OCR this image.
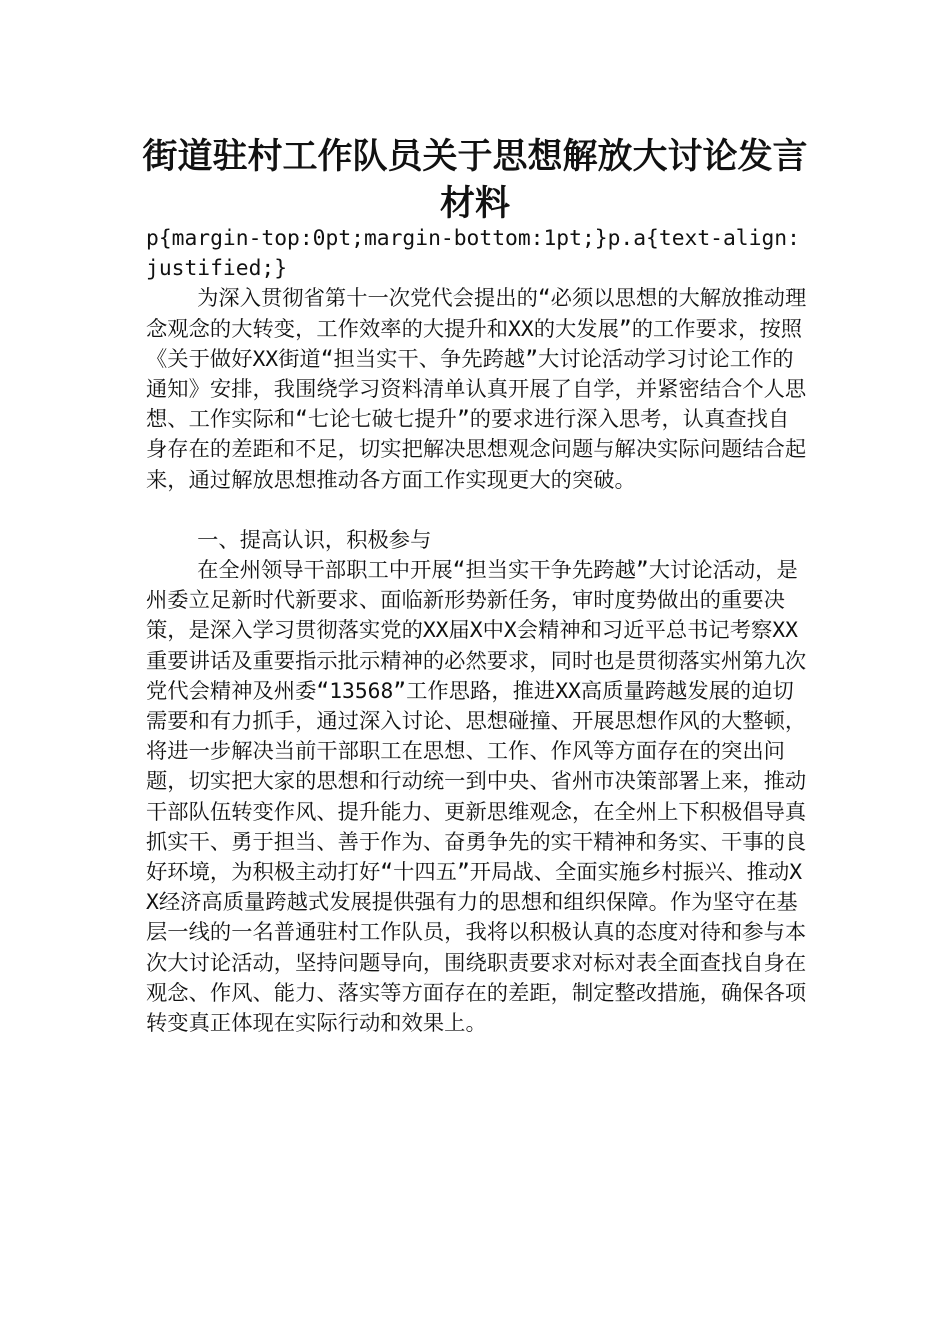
街道驻村工作队员关于思想解放大讨论发言材料

p{margin-top:0pt;margin-bottom:1pt;}p.a{text-align:justified;}

为深入贯彻省第十一次党代会提出的“必须以思想的大解放推动理念观念的大转变，工作效率的大提升和XX的大发展”的工作要求，按照《关于做好XX街道“担当实干、争先跨越”大讨论活动学习讨论工作的通知》安排，我围绕学习资料清单认真开展了自学，并紧密结合个人思想、工作实际和“七论七破七提升”的要求进行深入思考，认真查找自身存在的差距和不足，切实把解决思想观念问题与解决实际问题结合起来，通过解放思想推动各方面工作实现更大的突破。

一、提高认识，积极参与

在全州领导干部职工中开展“担当实干争先跨越”大讨论活动，是州委立足新时代新要求、面临新形势新任务，审时度势做出的重要决策，是深入学习贯彻落实党的XX届X中X会精神和习近平总书记考察XX重要讲话及重要指示批示精神的必然要求，同时也是贯彻落实州第九次党代会精神及州委“13568”工作思路，推进XX高质量跨越发展的迫切需要和有力抓手，通过深入讨论、思想碰撞、开展思想作风的大整顿，将进一步解决当前干部职工在思想、工作、作风等方面存在的突出问题，切实把大家的思想和行动统一到中央、省州市决策部署上来，推动干部队伍转变作风、提升能力、更新思维观念，在全州上下积极倡导真抓实干、勇于担当、善于作为、奋勇争先的实干精神和务实、干事的良好环境，为积极主动打好“十四五”开局战、全面实施乡村振兴、推动XX经济高质量跨越式发展提供强有力的思想和组织保障。作为坚守在基层一线的一名普通驻村工作队员，我将以积极认真的态度对待和参与本次大讨论活动，坚持问题导向，围绕职责要求对标对表全面查找自身在观念、作风、能力、落实等方面存在的差距，制定整改措施，确保各项转变真正体现在实际行动和效果上。
